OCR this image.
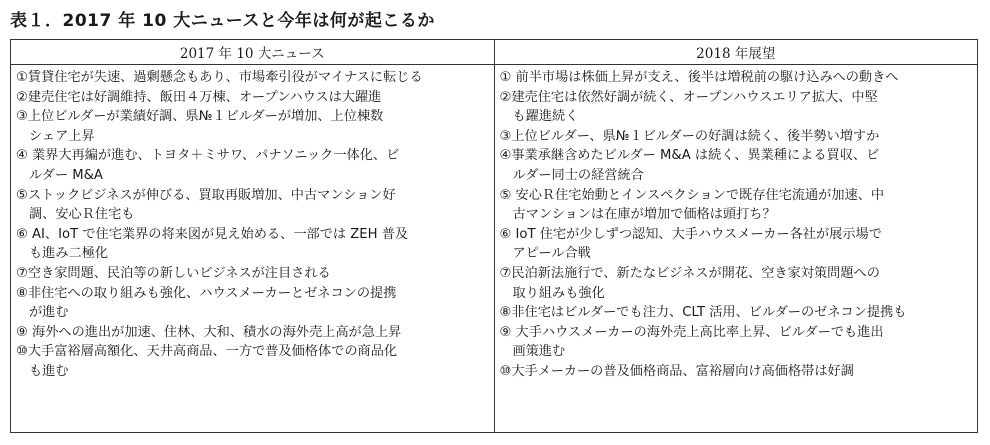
表１．2017 年 10 大ニュースと今年は何が起こるか
2017 年 10 大ニュース	2018 年展望
①賃貸住宅が失速、過剰懸念もあり、市場牽引役がマイナスに転じる
②建売住宅は好調維持、飯田４万棟、オープンハウスは大躍進
③上位ビルダーが業績好調、県№１ビルダーが増加、上位棟数
シェア上昇
④ 業界大再編が進む、トヨタ＋ミサワ、パナソニック一体化、ビ
ルダー M&A
⑤ストックビジネスが伸びる、買取再販増加、中古マンション好
調、安心Ｒ住宅も
⑥ AI、IoT で住宅業界の将来図が見え始める、一部では ZEH 普及
も進み二極化
⑦空き家問題、民泊等の新しいビジネスが注目される
⑧非住宅への取り組みも強化、ハウスメーカーとゼネコンの提携
が進む
⑨ 海外への進出が加速、住林、大和、積水の海外売上高が急上昇
⑩大手富裕層高額化、天井高商品、一方で普及価格体での商品化
も進む
① 前半市場は株価上昇が支え、後半は増税前の駆け込みへの動きへ
②建売住宅は依然好調が続く、オープンハウスエリア拡大、中堅
も躍進続く
③上位ビルダー、県№１ビルダーの好調は続く、後半勢い増すか
④事業承継含めたビルダー M&A は続く、異業種による買収、ビ
ルダー同士の経営統合
⑤ 安心Ｒ住宅始動とインスペクションで既存住宅流通が加速、中
古マンションは在庫が増加で価格は頭打ち？
⑥ IoT 住宅が少しずつ認知、大手ハウスメーカー各社が展示場で
アピール合戦
⑦民泊新法施行で、新たなビジネスが開花、空き家対策問題への
取り組みも強化
⑧非住宅はビルダーでも注力、CLT 活用、ビルダーのゼネコン提携も
⑨ 大手ハウスメーカーの海外売上高比率上昇、ビルダーでも進出
画策進む
⑩大手メーカーの普及価格商品、富裕層向け高価格帯は好調
